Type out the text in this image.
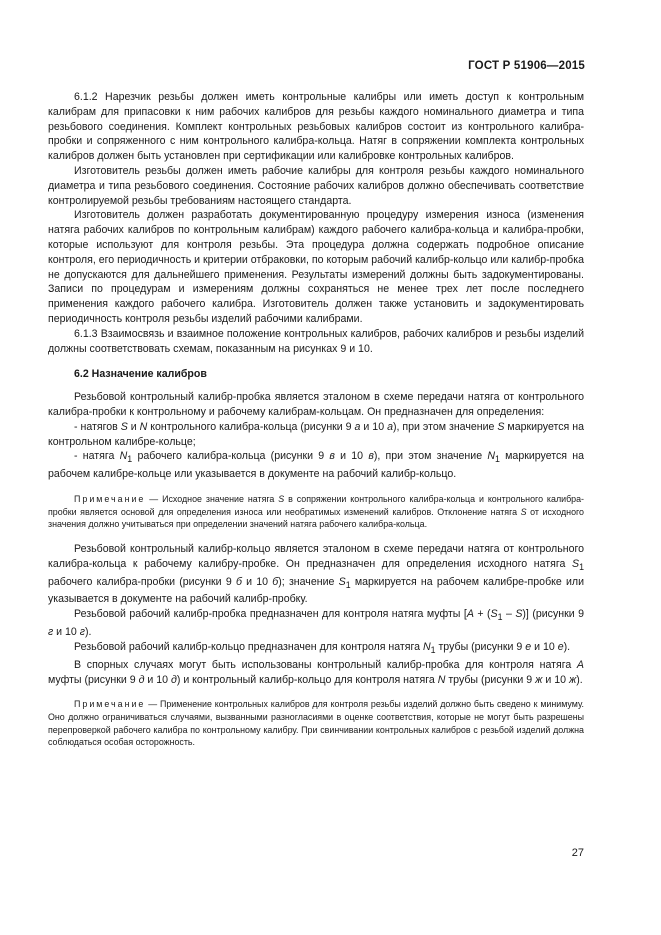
ГОСТ Р 51906—2015

6.1.2 Нарезчик резьбы должен иметь контрольные калибры или иметь доступ к контрольным калибрам для припасовки к ним рабочих калибров для резьбы каждого номинального диаметра и типа резьбового соединения. Комплект контрольных резьбовых калибров состоит из контрольного калибра-пробки и сопряженного с ним контрольного калибра-кольца. Натяг в сопряжении комплекта контрольных калибров должен быть установлен при сертификации или калибровке контрольных калибров.

Изготовитель резьбы должен иметь рабочие калибры для контроля резьбы каждого номинального диаметра и типа резьбового соединения. Состояние рабочих калибров должно обеспечивать соответствие контролируемой резьбы требованиям настоящего стандарта.

Изготовитель должен разработать документированную процедуру измерения износа (изменения натяга рабочих калибров по контрольным калибрам) каждого рабочего калибра-кольца и калибра-пробки, которые используют для контроля резьбы. Эта процедура должна содержать подробное описание контроля, его периодичность и критерии отбраковки, по которым рабочий калибр-кольцо или калибр-пробка не допускаются для дальнейшего применения. Результаты измерений должны быть задокументированы. Записи по процедурам и измерениям должны сохраняться не менее трех лет после последнего применения каждого рабочего калибра. Изготовитель должен также установить и задокументировать периодичность контроля резьбы изделий рабочими калибрами.

6.1.3 Взаимосвязь и взаимное положение контрольных калибров, рабочих калибров и резьбы изделий должны соответствовать схемам, показанным на рисунках 9 и 10.

6.2 Назначение калибров

Резьбовой контрольный калибр-пробка является эталоном в схеме передачи натяга от контрольного калибра-пробки к контрольному и рабочему калибрам-кольцам. Он предназначен для определения:

- натягов S и N контрольного калибра-кольца (рисунки 9 а и 10 а), при этом значение S маркируется на контрольном калибре-кольце;

- натяга $N_1$ рабочего калибра-кольца (рисунки 9 в и 10 в), при этом значение $N_1$ маркируется на рабочем калибре-кольце или указывается в документе на рабочий калибр-кольцо.

Примечание — Исходное значение натяга S в сопряжении контрольного калибра-кольца и контрольного калибра-пробки является основой для определения износа или необратимых изменений калибров. Отклонение натяга S от исходного значения должно учитываться при определении значений натяга рабочего калибра-кольца.

Резьбовой контрольный калибр-кольцо является эталоном в схеме передачи натяга от контрольного калибра-кольца к рабочему калибру-пробке. Он предназначен для определения исходного натяга $S_1$ рабочего калибра-пробки (рисунки 9 б и 10 б); значение $S_1$ маркируется на рабочем калибре-пробке или указывается в документе на рабочий калибр-пробку.

Резьбовой рабочий калибр-пробка предназначен для контроля натяга муфты $[A + (S_1 - S)]$ (рисунки 9 г и 10 г).

Резьбовой рабочий калибр-кольцо предназначен для контроля натяга $N_1$ трубы (рисунки 9 е и 10 е).

В спорных случаях могут быть использованы контрольный калибр-пробка для контроля натяга A муфты (рисунки 9 д и 10 д) и контрольный калибр-кольцо для контроля натяга N трубы (рисунки 9 ж и 10 ж).

Примечание — Применение контрольных калибров для контроля резьбы изделий должно быть сведено к минимуму. Оно должно ограничиваться случаями, вызванными разногласиями в оценке соответствия, которые не могут быть разрешены перепроверкой рабочего калибра по контрольному калибру. При свинчивании контрольных калибров с резьбой изделий должна соблюдаться особая осторожность.

27
